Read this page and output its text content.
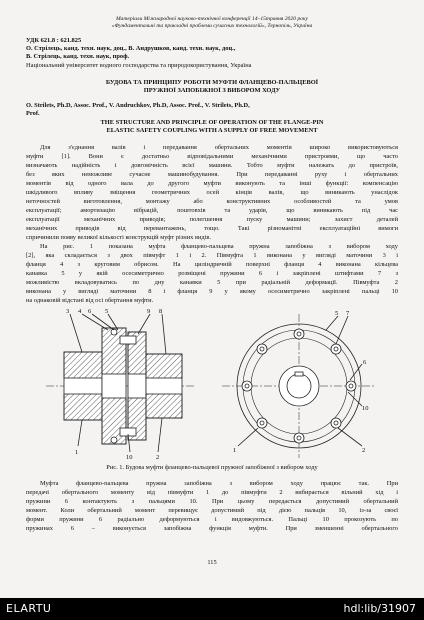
Матеріали Міжнародної науково-технічної конференції 14–15травня 2020 року
«Фундаментальні та прикладні проблеми сучасних технологій», Тернопіль, Україна
УДК 621.8 : 621.825
О. Стрілець, канд. техн. наук, доц., В. Андрушков, канд. техн. наук, доц.,
В. Стрілець, канд. техн. наук, проф.
Національний університет водного господарства та природокористування, Україна
БУДОВА ТА ПРИНЦИПУ РОБОТИ МУФТИ ФЛАНЦЕВО-ПАЛЬЦЕВОЇ
ПРУЖНОЇ ЗАПОБІЖНОЇ З ВИБОРОМ ХОДУ
O. Strilets, Ph.D, Assoc. Prof., V. Andruchkov, Ph.D, Assoc. Prof., V. Strilets, Ph.D,
Prof.
THE STRUCTURE AND PRINCIPLE OF OPERATION OF THE FLANGE-PIN
ELASTIC SAFETY COUPLING WITH A SUPPLY OF FREE MOVEMENT
Для з'єднання валів і передавання обертальних моментів широко використовуються
муфти [1]. Вони є достатньо відповідальними механічними пристроями, що часто
визначають надійність і довговічність всієї машини. Тобто муфти належать до пристроїв,
без яких неможливе сучасне машинобудування. При передаванні руху і обертальних
моментів від одного вала до другого муфти виконують та інші функції: компенсацію
шкідливого впливу зміщення геометричних осей кінців валів, що виникають унаслідок
неточностей виготовлення, монтажу або конструктивних особливостей та умов
експлуатації; амортизацію вібрацій, поштовхів та ударів, що виникають під час
експлуатації механічних приводів; полегшення пуску машини; захист деталей
механічних приводів від перевантажень, тощо. Такі різноманітні експлуатаційні вимоги
спричинили появу великої кількості конструкцій муфт різних видів.
На рис. 1 показана муфта фланцево-пальцева пружна запобіжна з вибором ходу
[2], яка складається з двох півмуфт 1 і 2. Півмуфта 1 виконана у вигляді маточини 3 і
фланця 4 з круговим обрисом. На циліндричній поверхні фланця 4 виконана кільцева
канавка 5 у якій осесиметрично розміщені пружини 6 і закріплені штифтами 7 з
можливістю вкладовуватись по дну канавки 5 при радіальній деформації. Півмуфта 2
виконана у вигляді маточини 8 і фланця 9 у якому осесиметрично закріплені пальці 10
на однаковій відстані від осі обертання муфти.
3 4 6 5	9 8
1
10	2
5 7
6
10
1	2
Рис. 1. Будова муфти фланцево-пальцевої пружної запобіжної з вибором ходу
Муфта фланцево-пальцева пружна запобіжна з вибором ходу працює так. При
передачі обертального моменту від півмуфти 1 до півмуфти 2 вибирається вільний хід і
пружини 6 контактують з пальцями 10. При цьому передається допустимий обертальний
момент. Коли обертальний момент перевищує допустимий під дією пальців 10, із-за своєї
форми пружини 6 радіально деформуються і видовжуються. Пальці 10 прокозують по
пружинах 6 – виконується запобіжна функція муфти. При зменшенні обертального
115
ELARTU	hdl:lib/31907
